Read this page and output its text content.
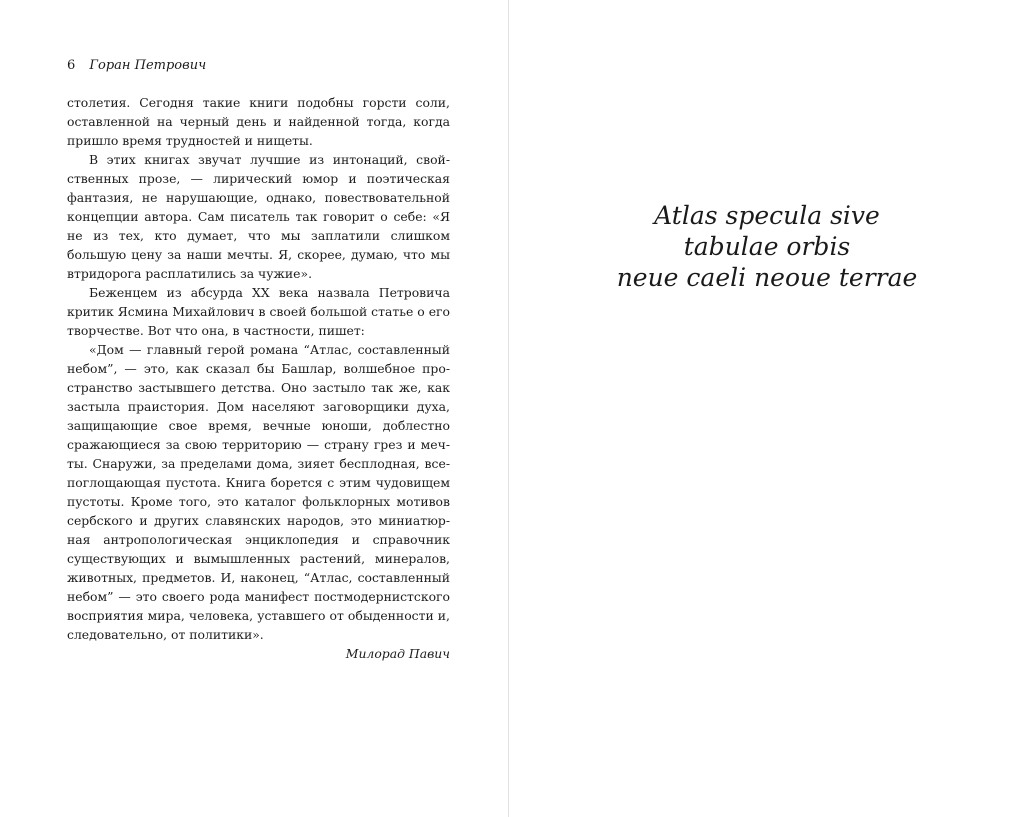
6 Горан Петрович

столетия. Сегодня такие книги подобны горсти соли, оставленной на черный день и найденной тогда, когда пришло время трудностей и нищеты.

В этих книгах звучат лучшие из интонаций, свойственных прозе, — лирический юмор и поэтическая фантазия, не нарушающие, однако, повествовательной концепции автора. Сам писатель так говорит о себе: «Я не из тех, кто думает, что мы заплатили слишком большую цену за наши мечты. Я, скорее, думаю, что мы втридорога расплатились за чужие».

Беженцем из абсурда XX века назвала Петровича критик Ясмина Михайлович в своей большой статье о его творчестве. Вот что она, в частности, пишет:

«Дом — главный герой романа “Атлас, составленный небом”, — это, как сказал бы Башлар, волшебное пространство застывшего детства. Оно застыло так же, как застыла праистория. Дом населяют заговорщики духа, защищающие свое время, вечные юноши, доблестно сражающиеся за свою территорию — страну грез и мечты. Снаружи, за пределами дома, зияет бесплодная, всепоглощающая пустота. Книга борется с этим чудовищем пустоты. Кроме того, это каталог фольклорных мотивов сербского и других славянских народов, это миниатюрная антропологическая энциклопедия и справочник существующих и вымышленных растений, минералов, животных, предметов. И, наконец, “Атлас, составленный небом” — это своего рода манифест постмодернистского восприятия мира, человека, уставшего от обыденности и, следовательно, от политики».

Милорад Павич

Atlas specula sive
tabulae orbis
neue caeli neoue terrae
